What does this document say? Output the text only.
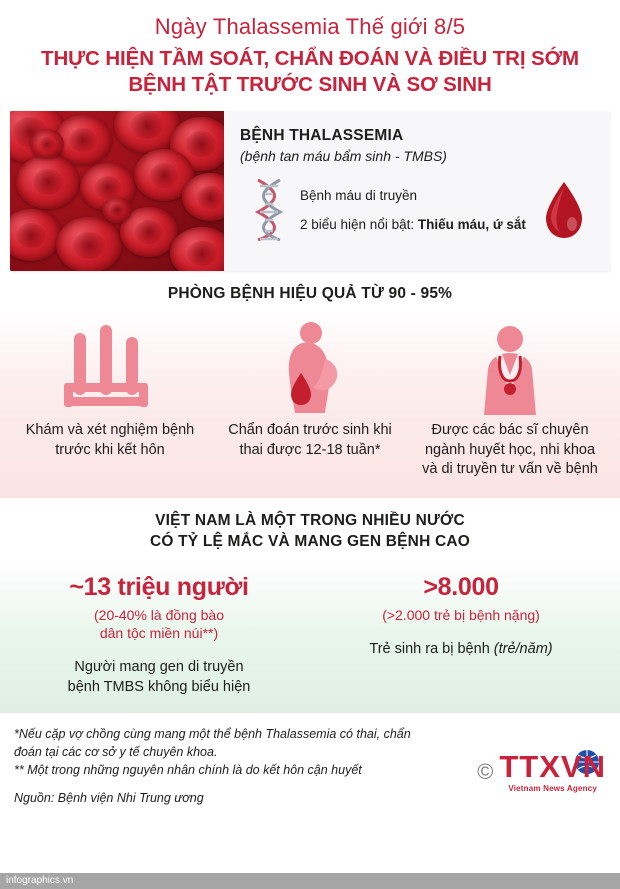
Ngày Thalassemia Thế giới 8/5
THỰC HIỆN TẦM SOÁT, CHẨN ĐOÁN VÀ ĐIỀU TRỊ SỚM
BỆNH TẬT TRƯỚC SINH VÀ SƠ SINH
BỆNH THALASSEMIA
(bệnh tan máu bẩm sinh - TMBS)
Bệnh máu di truyền
2 biểu hiện nổi bật: Thiếu máu, ứ sắt
PHÒNG BỆNH HIỆU QUẢ TỪ 90 - 95%
Khám và xét nghiệm bệnh trước khi kết hôn
Chẩn đoán trước sinh khi thai được 12-18 tuần*
Được các bác sĩ chuyên ngành huyết học, nhi khoa và di truyền tư vấn về bệnh
VIỆT NAM LÀ MỘT TRONG NHIỀU NƯỚC
CÓ TỶ LỆ MẮC VÀ MANG GEN BỆNH CAO
~13 triệu người
(20-40% là đồng bào
dân tộc miền núi**)
Người mang gen di truyền
bệnh TMBS không biểu hiện
>8.000
(>2.000 trẻ bị bệnh nặng)
Trẻ sinh ra bị bệnh (trẻ/năm)
*Nếu cặp vợ chồng cùng mang một thể bệnh Thalassemia có thai, chẩn đoán tại các cơ sở y tế chuyên khoa.
** Một trong những nguyên nhân chính là do kết hôn cận huyết
Nguồn: Bệnh viện Nhi Trung ương
© TTXVN
Vietnam News Agency
infographics.vn
